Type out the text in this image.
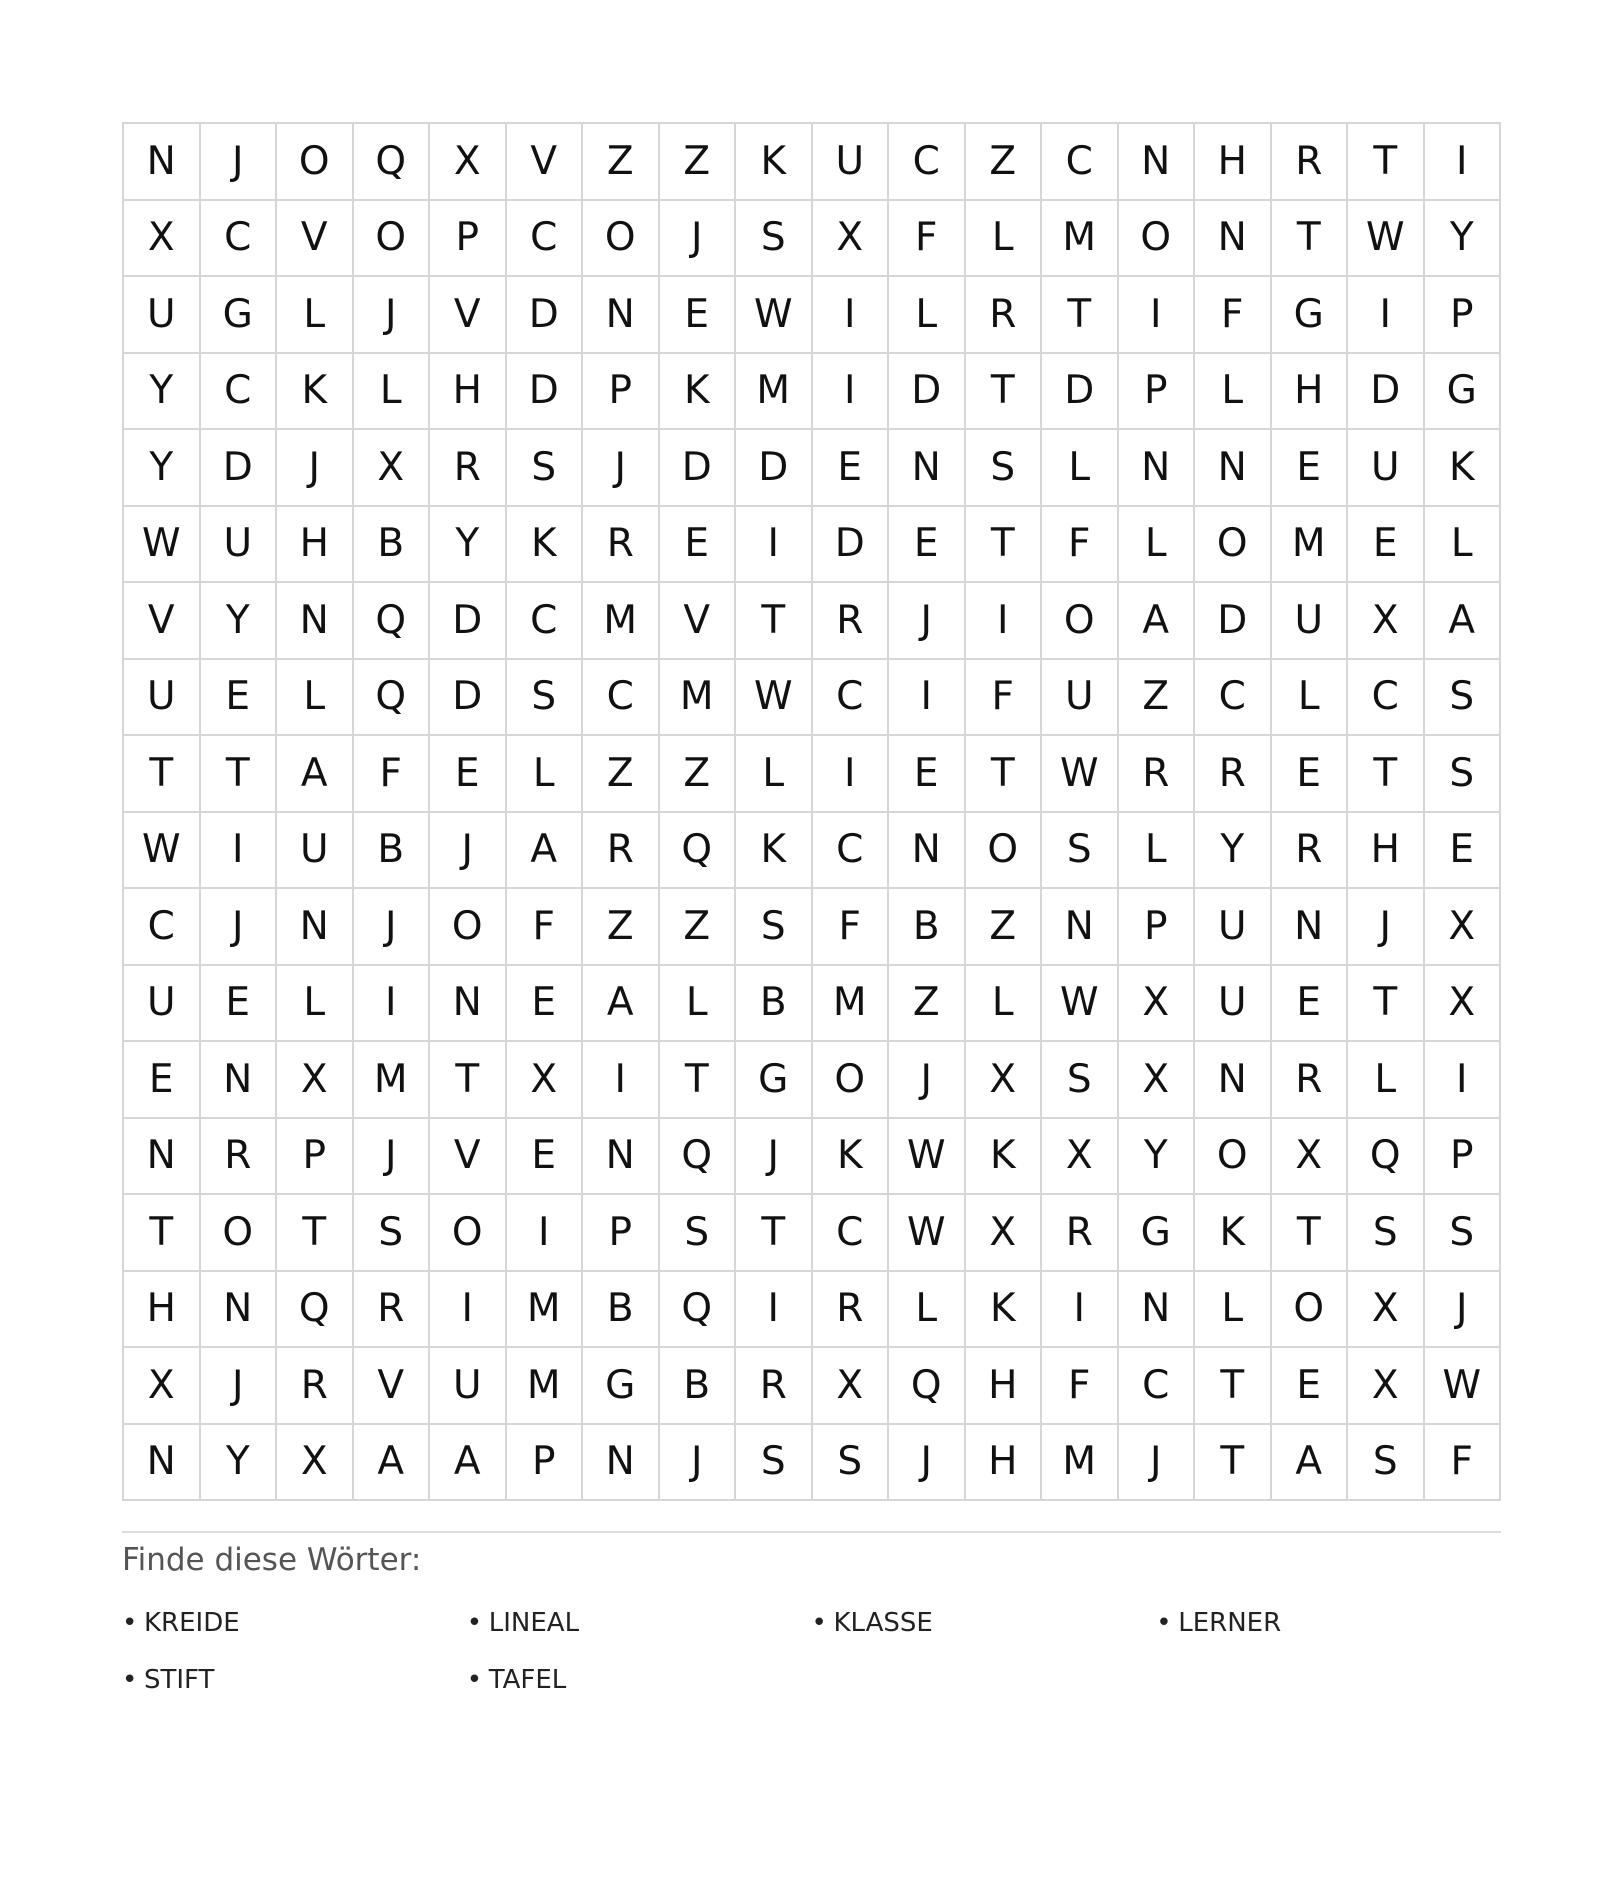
N	J	O	Q	X	V	Z	Z	K	U	C	Z	C	N	H	R	T	I
X	C	V	O	P	C	O	J	S	X	F	L	M	O	N	T	W	Y
U	G	L	J	V	D	N	E	W	I	L	R	T	I	F	G	I	P
Y	C	K	L	H	D	P	K	M	I	D	T	D	P	L	H	D	G
Y	D	J	X	R	S	J	D	D	E	N	S	L	N	N	E	U	K
W	U	H	B	Y	K	R	E	I	D	E	T	F	L	O	M	E	L
V	Y	N	Q	D	C	M	V	T	R	J	I	O	A	D	U	X	A
U	E	L	Q	D	S	C	M	W	C	I	F	U	Z	C	L	C	S
T	T	A	F	E	L	Z	Z	L	I	E	T	W	R	R	E	T	S
W	I	U	B	J	A	R	Q	K	C	N	O	S	L	Y	R	H	E
C	J	N	J	O	F	Z	Z	S	F	B	Z	N	P	U	N	J	X
U	E	L	I	N	E	A	L	B	M	Z	L	W	X	U	E	T	X
E	N	X	M	T	X	I	T	G	O	J	X	S	X	N	R	L	I
N	R	P	J	V	E	N	Q	J	K	W	K	X	Y	O	X	Q	P
T	O	T	S	O	I	P	S	T	C	W	X	R	G	K	T	S	S
H	N	Q	R	I	M	B	Q	I	R	L	K	I	N	L	O	X	J
X	J	R	V	U	M	G	B	R	X	Q	H	F	C	T	E	X	W
N	Y	X	A	A	P	N	J	S	S	J	H	M	J	T	A	S	F
Finde diese Wörter:
• KREIDE	• LINEAL	• KLASSE	• LERNER
• STIFT	• TAFEL
